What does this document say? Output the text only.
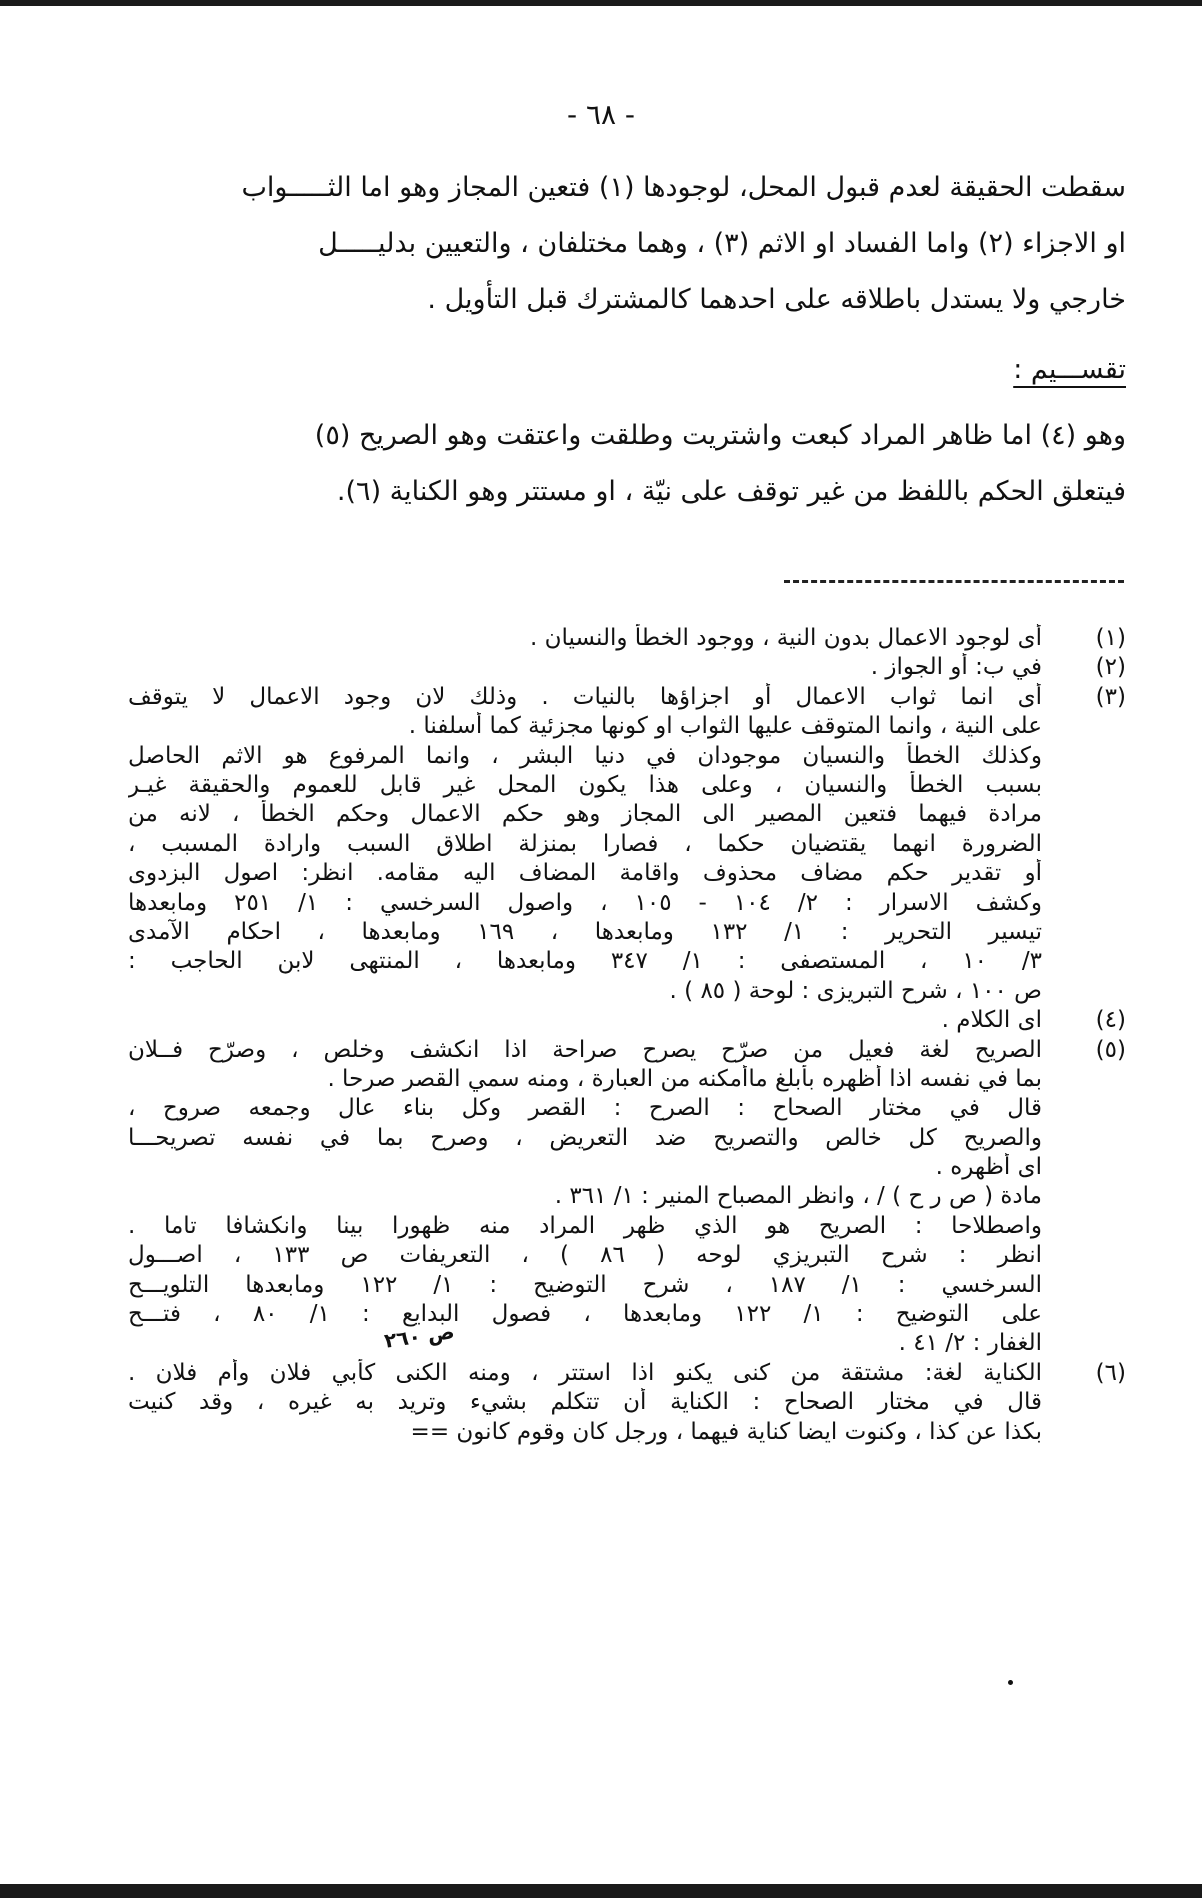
- ٦٨ -
سقطت الحقيقة لعدم قبول المحل، لوجودها (١) فتعين المجاز وهو اما الثـــــواب
او الاجزاء (٢) واما الفساد او الاثم (٣) ، وهما مختلفان ، والتعيين بدليـــــل
خارجي ولا يستدل باطلاقه على احدهما كالمشترك قبل التأويل .
تقســـيم :
وهو (٤) اما ظاهر المراد كبعت واشتريت وطلقت واعتقت وهو الصريح (٥)
فيتعلق الحكم باللفظ من غير توقف على نيّة ، او مستتر وهو الكناية (٦).
(١)
أى لوجود الاعمال بدون النية ، ووجود الخطأ والنسيان .
(٢)
في ب: أو الجواز .
(٣)
أى انما ثواب الاعمال أو اجزاؤها بالنيات . وذلك لان وجود الاعمال لا يتوقف
على النية ، وانما المتوقف عليها الثواب او كونها مجزئية كما أسلفنا .
وكذلك الخطأ والنسيان موجودان في دنيا البشر ، وانما المرفوع هو الاثم الحاصل
بسبب الخطأ والنسيان ، وعلى هذا يكون المحل غير قابل للعموم والحقيقة غيـر
مرادة فيهما فتعين المصير الى المجاز وهو حكم الاعمال وحكم الخطأ ، لانه من
الضرورة انهما يقتضيان حكما ، فصارا بمنزلة اطلاق السبب وارادة المسبب ،
أو تقدير حكم مضاف محذوف واقامة المضاف اليه مقامه. انظر: اصول البزدوى
وكشف الاسرار : ٢/ ١٠٤ - ١٠٥ ، واصول السرخسي : ١/ ٢٥١ ومابعدها
تيسير التحرير : ١/ ١٣٢ ومابعدها ، ١٦٩ ومابعدها ، احكام الآمدى
٣/ ١٠ ، المستصفى : ١/ ٣٤٧ ومابعدها ، المنتهى لابن الحاجب :
ص ١٠٠ ، شرح التبريزى : لوحة ( ٨٥ ) .
(٤)
اى الكلام .
(٥)
الصريح لغة فعيل من صرّح يصرح صراحة اذا انكشف وخلص ، وصرّح فــلان
بما في نفسه اذا أظهره بأبلغ ماأمكنه من العبارة ، ومنه سمي القصر صرحا .
قال في مختار الصحاح : الصرح : القصر وكل بناء عال وجمعه صروح ،
والصريح كل خالص والتصريح ضد التعريض ، وصرح بما في نفسه تصريحـــا
اى أظهره .
مادة ( ص ر ح ) / ، وانظر المصباح المنير : ١/ ٣٦١ .
واصطلاحا : الصريح هو الذي ظهر المراد منه ظهورا بينا وانكشافا تاما .
انظر : شرح التبريزي لوحه ( ٨٦ ) ، التعريفات ص ١٣٣ ، اصـــول
السرخسي : ١/ ١٨٧ ، شرح التوضيح : ١/ ١٢٢ ومابعدها التلويـــح
على التوضيح : ١/ ١٢٢ ومابعدها ، فصول البدايع : ١/ ٨٠ ، فتـــح
الغفار : ٢/ ٤١ .
(٦)
الكناية لغة: مشتقة من كنى يكنو اذا استتر ، ومنه الكنى كأبي فلان وأم فلان .
قال في مختار الصحاح : الكناية أن تتكلم بشيء وتريد به غيره ، وقد كنيت
بكذا عن كذا ، وكنوت ايضا كناية فيهما ، ورجل كان وقوم كانون ==
ص ٢٦٠
